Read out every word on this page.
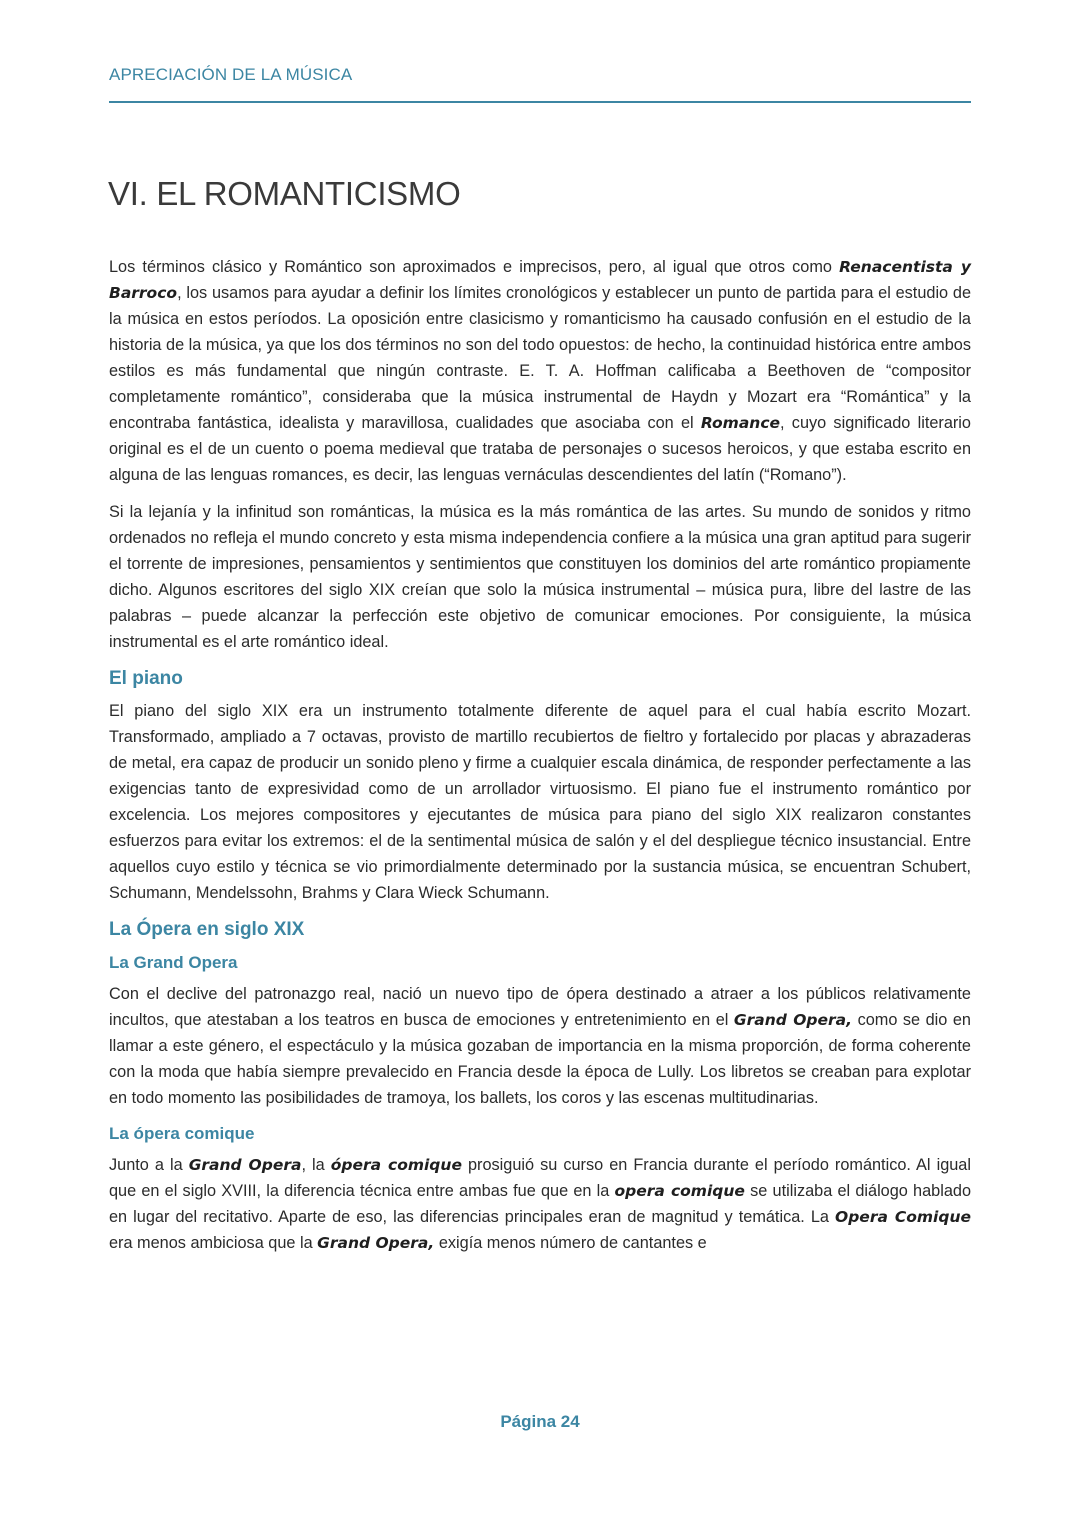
APRECIACIÓN DE LA MÚSICA
VI. EL ROMANTICISMO

Los términos clásico y Romántico son aproximados e imprecisos, pero, al igual que otros como Renacentista y Barroco, los usamos para ayudar a definir los límites cronológicos y establecer un punto de partida para el estudio de la música en estos períodos. La oposición entre clasicismo y romanticismo ha causado confusión en el estudio de la historia de la música, ya que los dos términos no son del todo opuestos: de hecho, la continuidad histórica entre ambos estilos es más fundamental que ningún contraste. E. T. A. Hoffman calificaba a Beethoven de “compositor completamente romántico”, consideraba que la música instrumental de Haydn y Mozart era “Romántica” y la encontraba fantástica, idealista y maravillosa, cualidades que asociaba con el Romance, cuyo significado literario original es el de un cuento o poema medieval que trataba de personajes o sucesos heroicos, y que estaba escrito en alguna de las lenguas romances, es decir, las lenguas vernáculas descendientes del latín (“Romano”).

Si la lejanía y la infinitud son románticas, la música es la más romántica de las artes. Su mundo de sonidos y ritmo ordenados no refleja el mundo concreto y esta misma independencia confiere a la música una gran aptitud para sugerir el torrente de impresiones, pensamientos y sentimientos que constituyen los dominios del arte romántico propiamente dicho. Algunos escritores del siglo XIX creían que solo la música instrumental – música pura, libre del lastre de las palabras – puede alcanzar la perfección este objetivo de comunicar emociones. Por consiguiente, la música instrumental es el arte romántico ideal.

El piano

El piano del siglo XIX era un instrumento totalmente diferente de aquel para el cual había escrito Mozart. Transformado, ampliado a 7 octavas, provisto de martillo recubiertos de fieltro y fortalecido por placas y abrazaderas de metal, era capaz de producir un sonido pleno y firme a cualquier escala dinámica, de responder perfectamente a las exigencias tanto de expresividad como de un arrollador virtuosismo. El piano fue el instrumento romántico por excelencia. Los mejores compositores y ejecutantes de música para piano del siglo XIX realizaron constantes esfuerzos para evitar los extremos: el de la sentimental música de salón y el del despliegue técnico insustancial. Entre aquellos cuyo estilo y técnica se vio primordialmente determinado por la sustancia música, se encuentran Schubert, Schumann, Mendelssohn, Brahms y Clara Wieck Schumann.

La Ópera en siglo XIX
La Grand Opera

Con el declive del patronazgo real, nació un nuevo tipo de ópera destinado a atraer a los públicos relativamente incultos, que atestaban a los teatros en busca de emociones y entretenimiento en el Grand Opera, como se dio en llamar a este género, el espectáculo y la música gozaban de importancia en la misma proporción, de forma coherente con la moda que había siempre prevalecido en Francia desde la época de Lully. Los libretos se creaban para explotar en todo momento las posibilidades de tramoya, los ballets, los coros y las escenas multitudinarias.

La ópera comique

Junto a la Grand Opera, la ópera comique prosiguió su curso en Francia durante el período romántico. Al igual que en el siglo XVIII, la diferencia técnica entre ambas fue que en la opera comique se utilizaba el diálogo hablado en lugar del recitativo. Aparte de eso, las diferencias principales eran de magnitud y temática. La Opera Comique era menos ambiciosa que la Grand Opera, exigía menos número de cantantes e

Página 24
